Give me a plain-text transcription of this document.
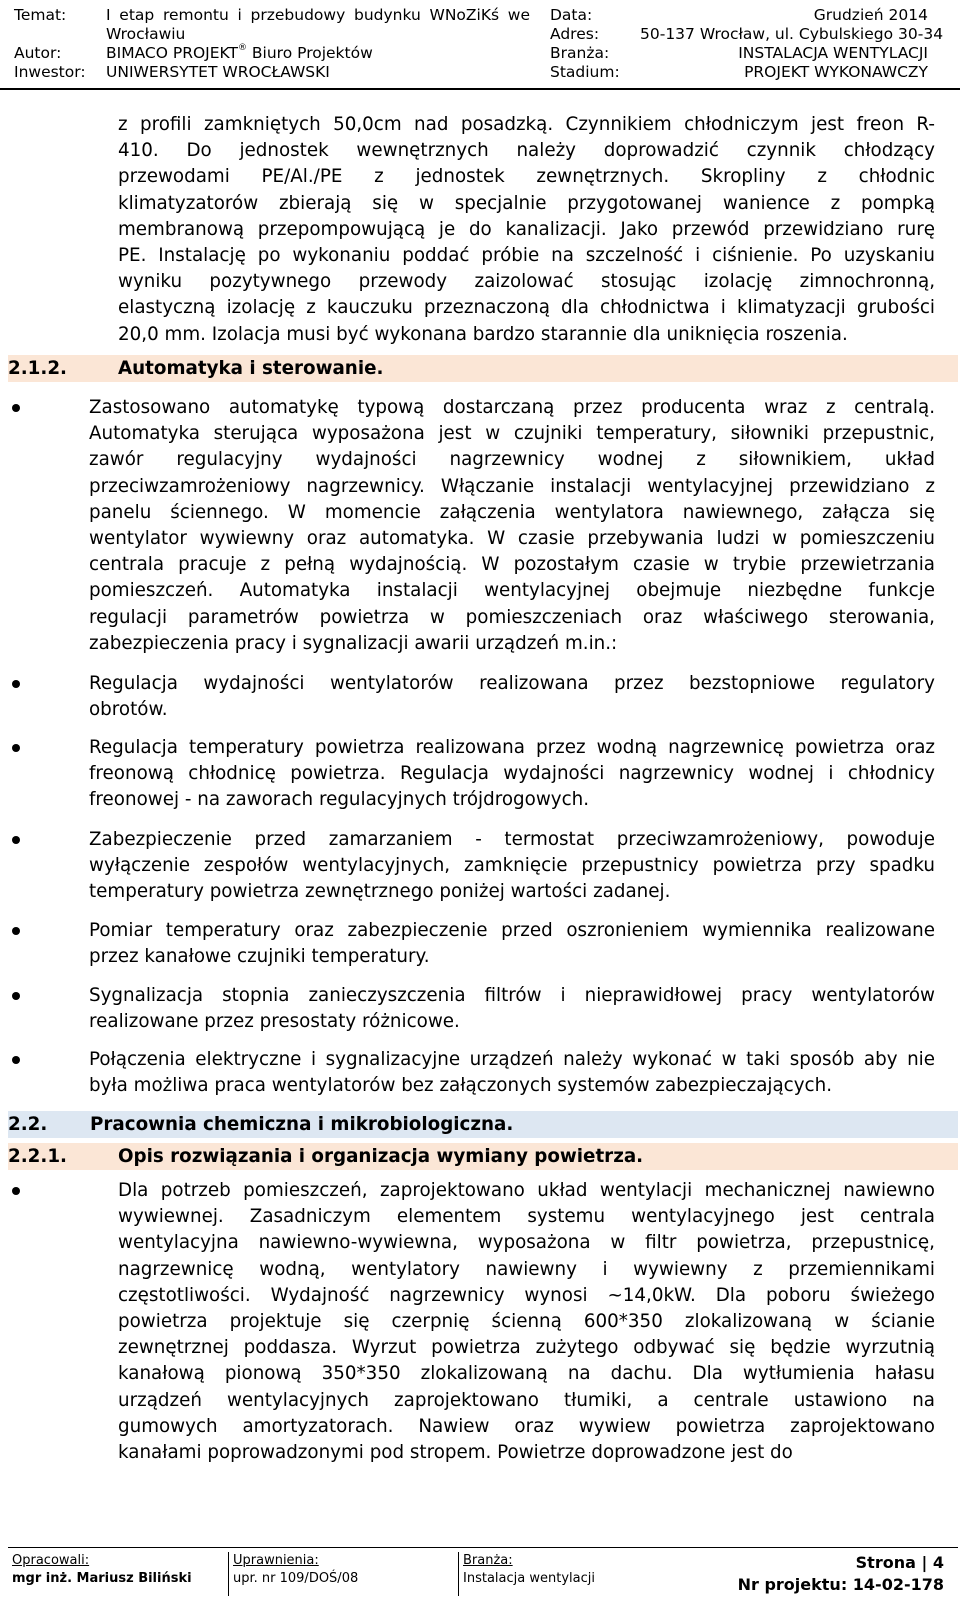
Temat:	I etap remontu i przebudowy budynku WNoZiKś we
Wrocławiu
Autor:	BIMACO PROJEKT® Biuro Projektów
Inwestor: UNIWERSYTET WROCŁAWSKI
Data:	Grudzień 2014
Adres:	50-137 Wrocław, ul. Cybulskiego 30-34
Branża:	INSTALACJA WENTYLACJI
Stadium:	PROJEKT WYKONAWCZY
z profili zamkniętych 50,0cm nad posadzką. Czynnikiem chłodniczym jest freon R-
410. Do jednostek wewnętrznych należy doprowadzić czynnik chłodzący
przewodami PE/Al./PE z jednostek zewnętrznych. Skropliny z chłodnic
klimatyzatorów zbierają się w specjalnie przygotowanej wanience z pompką
membranową przepompowującą je do kanalizacji. Jako przewód przewidziano rurę
PE. Instalację po wykonaniu poddać próbie na szczelność i ciśnienie. Po uzyskaniu
wyniku pozytywnego przewody zaizolować stosując izolację zimnochronną,
elastyczną izolację z kauczuku przeznaczoną dla chłodnictwa i klimatyzacji grubości
20,0 mm. Izolacja musi być wykonana bardzo starannie dla uniknięcia roszenia.
2.1.2.	Automatyka i sterowanie.
Zastosowano automatykę typową dostarczaną przez producenta wraz z centralą.
Automatyka sterująca wyposażona jest w czujniki temperatury, siłowniki przepustnic,
zawór regulacyjny wydajności nagrzewnicy wodnej z siłownikiem, układ
przeciwzamrożeniowy nagrzewnicy. Włączanie instalacji wentylacyjnej przewidziano z
panelu ściennego. W momencie załączenia wentylatora nawiewnego, załącza się
wentylator wywiewny oraz automatyka. W czasie przebywania ludzi w pomieszczeniu
centrala pracuje z pełną wydajnością. W pozostałym czasie w trybie przewietrzania
pomieszczeń. Automatyka instalacji wentylacyjnej obejmuje niezbędne funkcje
regulacji parametrów powietrza w pomieszczeniach oraz właściwego sterowania,
zabezpieczenia pracy i sygnalizacji awarii urządzeń m.in.:
Regulacja wydajności wentylatorów realizowana przez bezstopniowe regulatory
obrotów.
Regulacja temperatury powietrza realizowana przez wodną nagrzewnicę powietrza oraz
freonową chłodnicę powietrza. Regulacja wydajności nagrzewnicy wodnej i chłodnicy
freonowej - na zaworach regulacyjnych trójdrogowych.
Zabezpieczenie przed zamarzaniem - termostat przeciwzamrożeniowy, powoduje
wyłączenie zespołów wentylacyjnych, zamknięcie przepustnicy powietrza przy spadku
temperatury powietrza zewnętrznego poniżej wartości zadanej.
Pomiar temperatury oraz zabezpieczenie przed oszronieniem wymiennika realizowane
przez kanałowe czujniki temperatury.
Sygnalizacja stopnia zanieczyszczenia filtrów i nieprawidłowej pracy wentylatorów
realizowane przez presostaty różnicowe.
Połączenia elektryczne i sygnalizacyjne urządzeń należy wykonać w taki sposób aby nie
była możliwa praca wentylatorów bez załączonych systemów zabezpieczających.
2.2. Pracownia chemiczna i mikrobiologiczna.
2.2.1.	Opis rozwiązania i organizacja wymiany powietrza.
Dla potrzeb pomieszczeń, zaprojektowano układ wentylacji mechanicznej nawiewno
wywiewnej. Zasadniczym elementem systemu wentylacyjnego jest centrala
wentylacyjna nawiewno-wywiewna, wyposażona w filtr powietrza, przepustnicę,
nagrzewnicę wodną, wentylatory nawiewny i wywiewny z przemiennikami
częstotliwości. Wydajność nagrzewnicy wynosi ~14,0kW. Dla poboru świeżego
powietrza projektuje się czerpnię ścienną 600*350 zlokalizowaną w ścianie
zewnętrznej poddasza. Wyrzut powietrza zużytego odbywać się będzie wyrzutnią
kanałową pionową 350*350 zlokalizowaną na dachu. Dla wytłumienia hałasu
urządzeń wentylacyjnych zaprojektowano tłumiki, a centrale ustawiono na
gumowych amortyzatorach. Nawiew oraz wywiew powietrza zaprojektowano
kanałami poprowadzonymi pod stropem. Powietrze doprowadzone jest do
Opracowali:
mgr inż. Mariusz Biliński
Uprawnienia:
upr. nr 109/DOŚ/08
Branża:
Instalacja wentylacji
Strona | 4
Nr projektu: 14-02-178
